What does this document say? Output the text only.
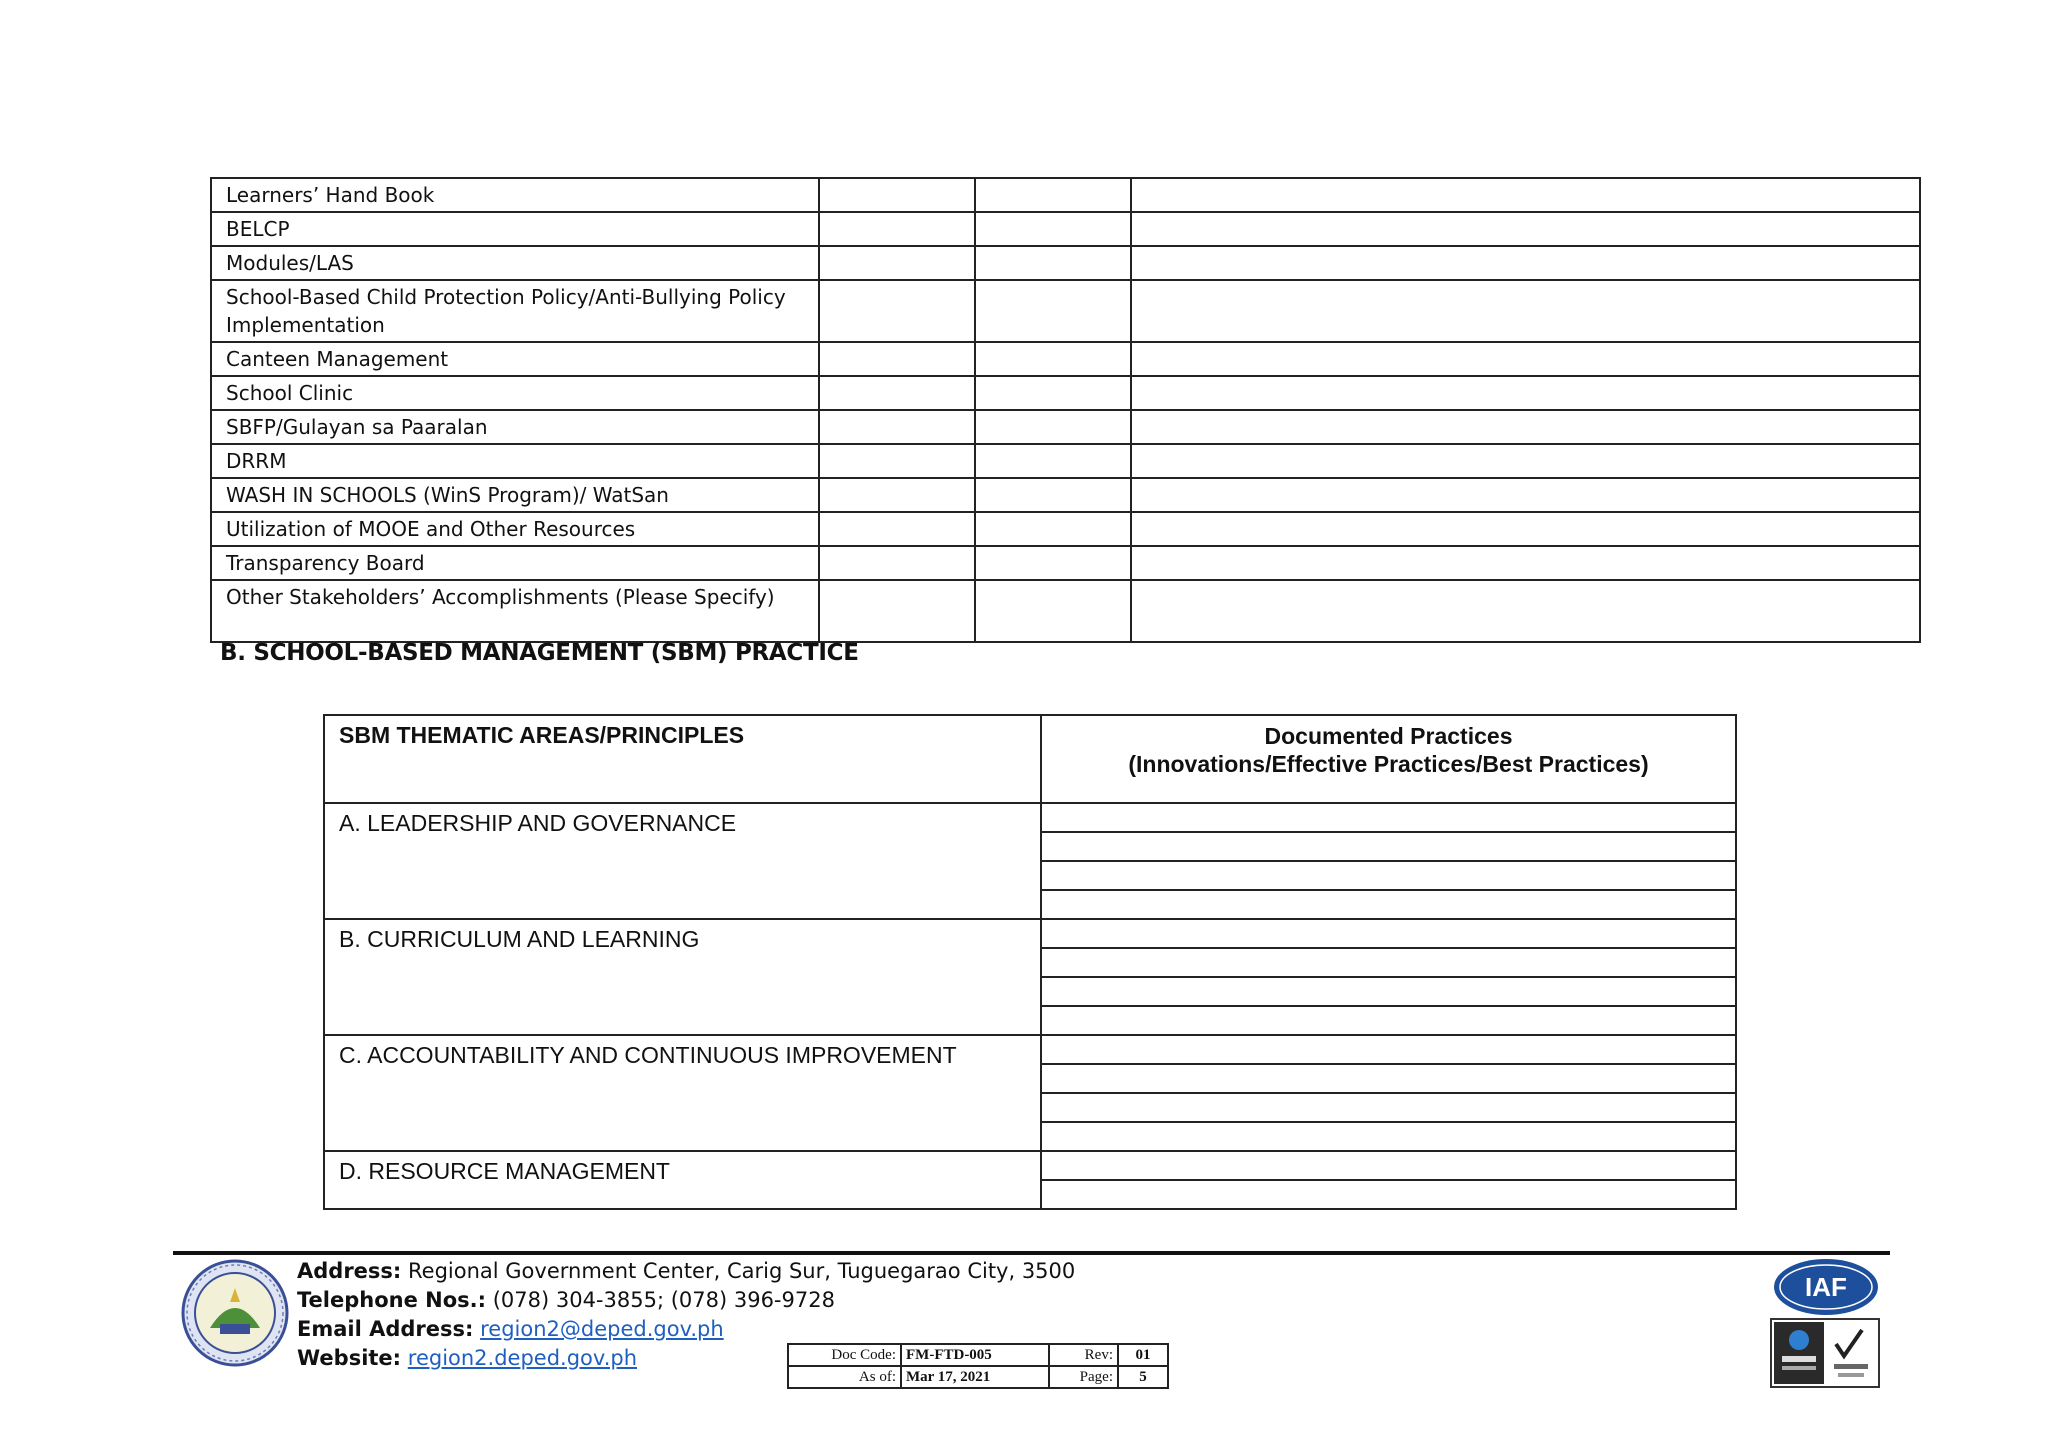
Learners’ Hand Book			
BELCP			
Modules/LAS			
School-Based Child Protection Policy/Anti-Bullying Policy Implementation			
Canteen Management			
School Clinic			
SBFP/Gulayan sa Paaralan			
DRRM			
WASH IN SCHOOLS (WinS Program)/ WatSan			
Utilization of MOOE and Other Resources			
Transparency Board			
Other Stakeholders’ Accomplishments (Please Specify)			
B. SCHOOL-BASED MANAGEMENT (SBM) PRACTICE
SBM THEMATIC AREAS/PRINCIPLES	Documented Practices
(Innovations/Effective Practices/Best Practices)

A. LEADERSHIP AND GOVERNANCE	

B. CURRICULUM AND LEARNING	

C. ACCOUNTABILITY AND CONTINUOUS IMPROVEMENT	

D. RESOURCE MANAGEMENT	

Address: Regional Government Center, Carig Sur, Tuguegarao City, 3500
Telephone Nos.: (078) 304-3855; (078) 396-9728
Email Address: region2@deped.gov.ph
Website: region2.deped.gov.ph	Doc Code:	FM-FTD-005	Rev:	01
As of:	Mar 17, 2021	Page:	5
IAF
